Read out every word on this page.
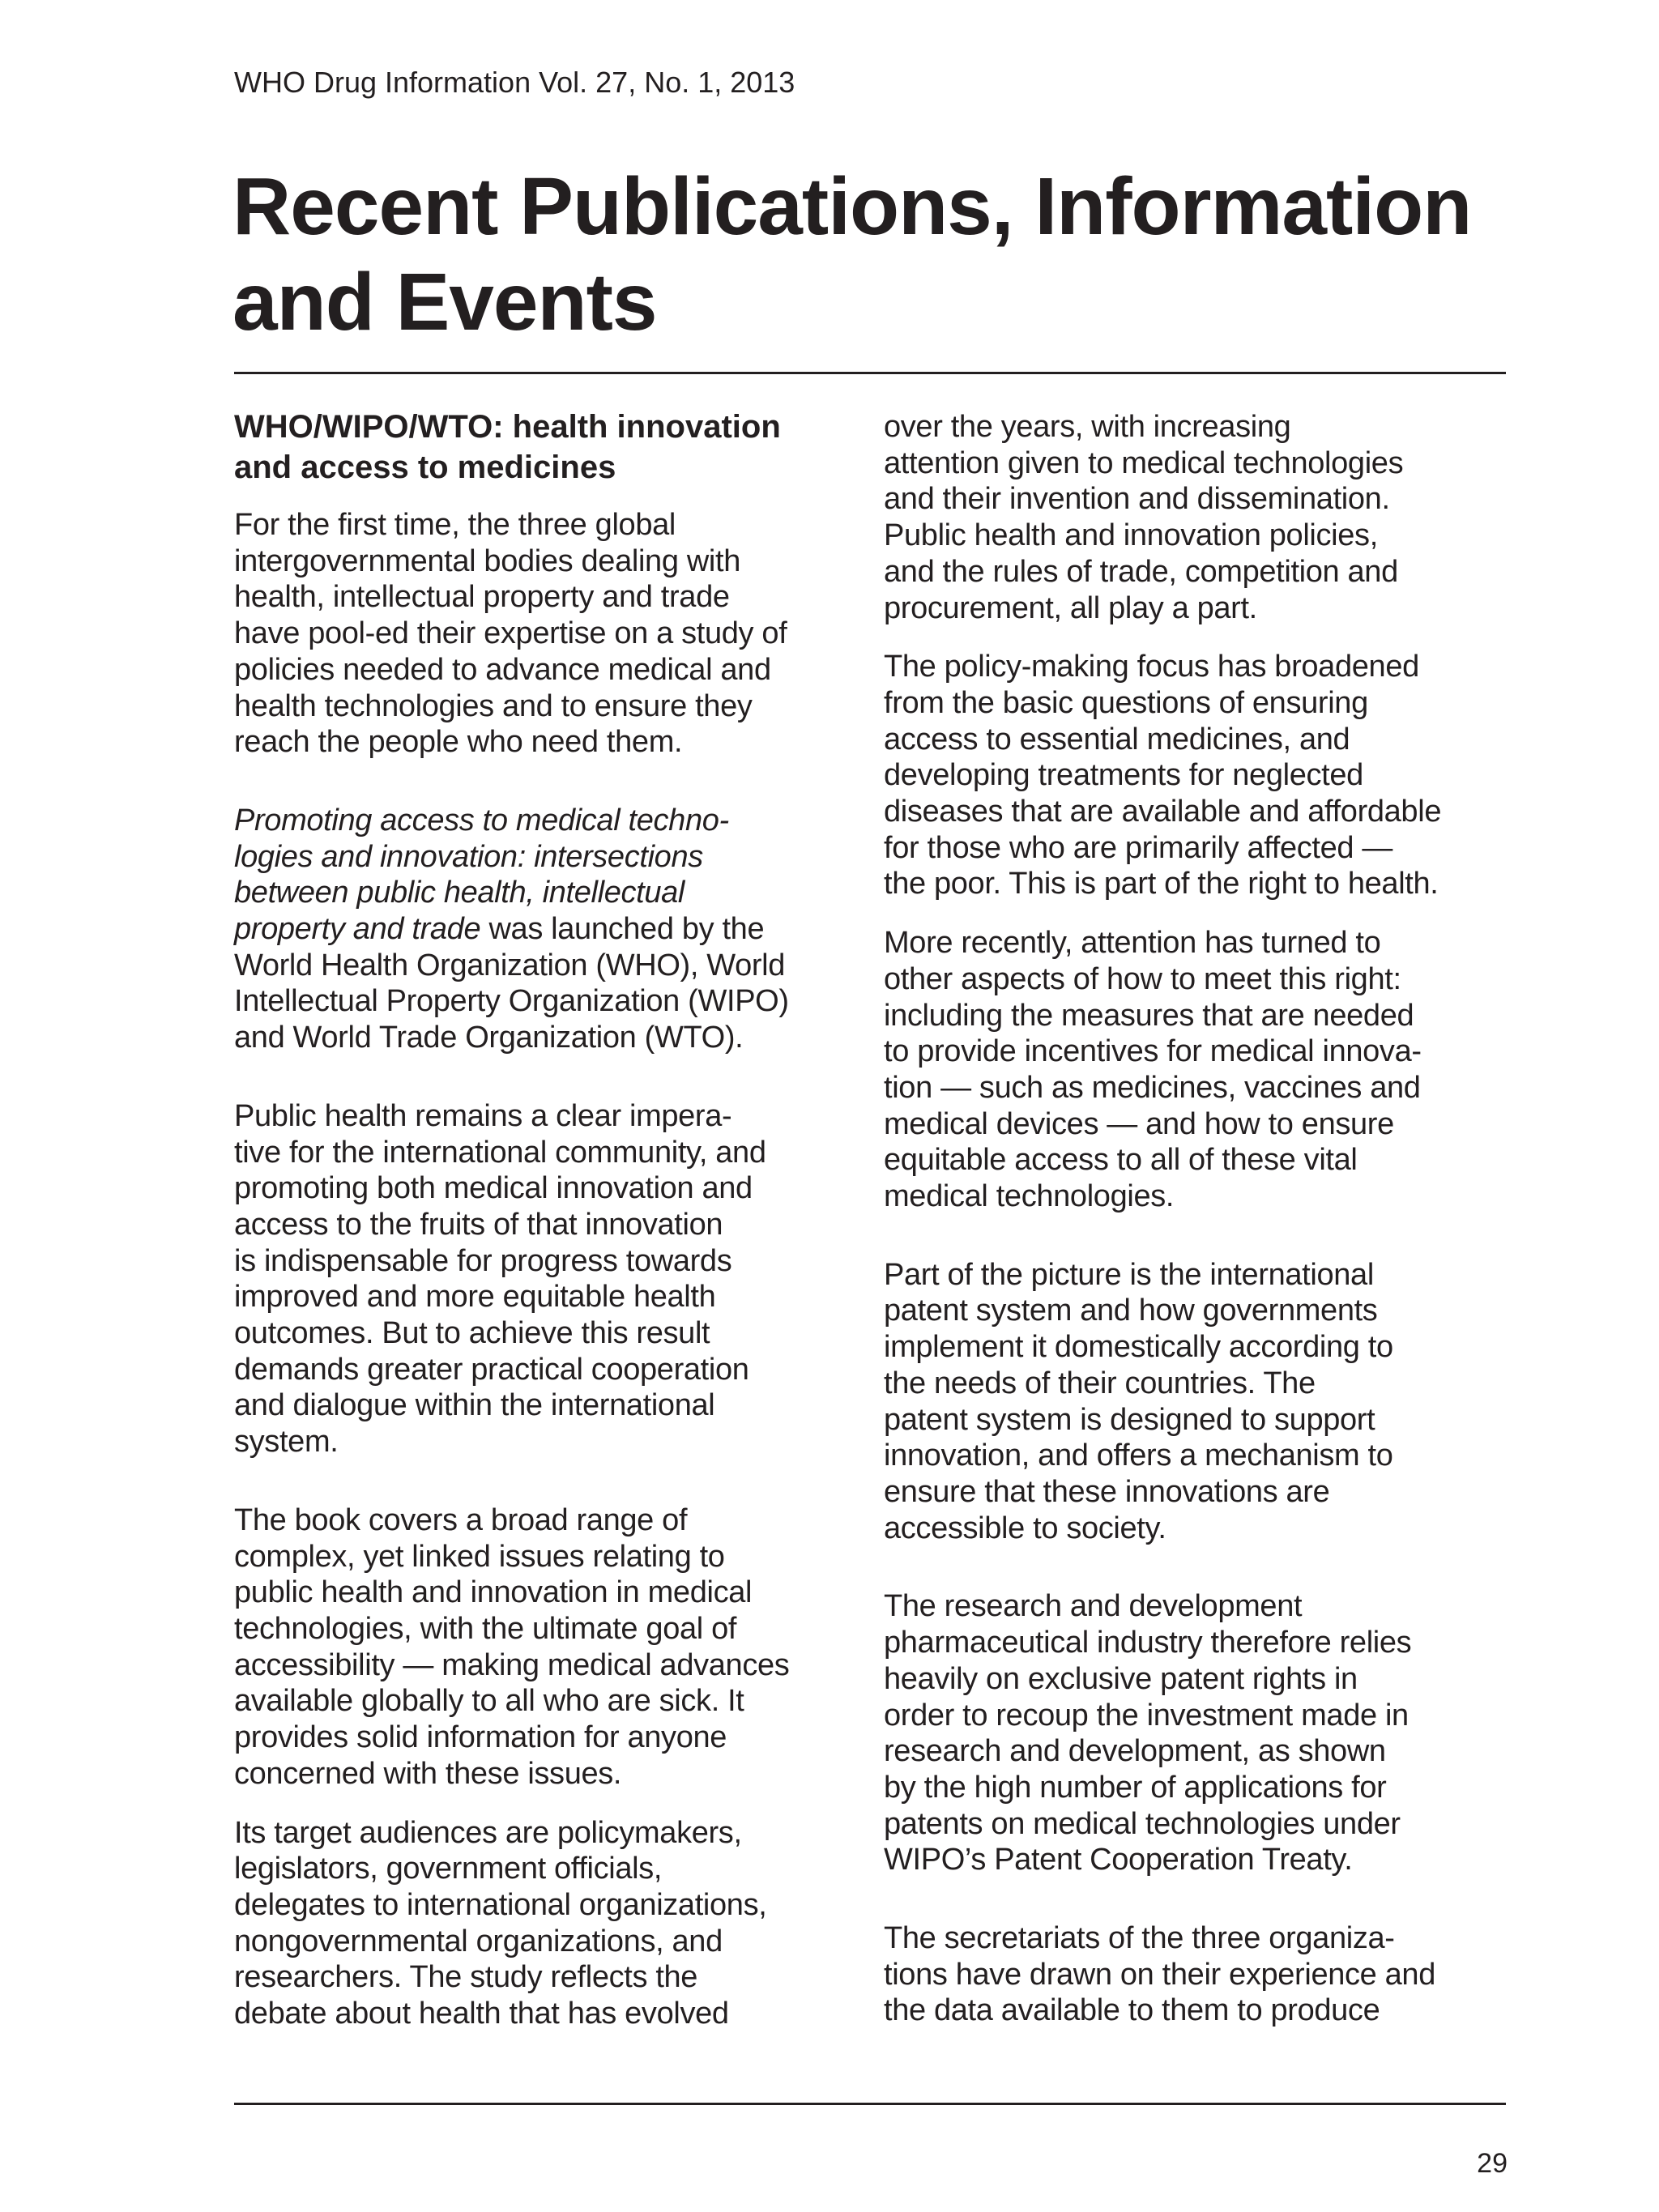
WHO Drug Information Vol. 27, No. 1, 2013

Recent Publications, Information and Events
WHO/WIPO/WTO: health innovation
and access to medicines

For the first time, the three global
intergovernmental bodies dealing with
health, intellectual property and trade
have pool-ed their expertise on a study of
policies needed to advance medical and
health technologies and to ensure they
reach the people who need them.

Promoting access to medical techno-
logies and innovation: intersections
between public health, intellectual
property and trade was launched by the
World Health Organization (WHO), World
Intellectual Property Organization (WIPO)
and World Trade Organization (WTO).

Public health remains a clear impera-
tive for the international community, and
promoting both medical innovation and
access to the fruits of that innovation
is indispensable for progress towards
improved and more equitable health
outcomes. But to achieve this result
demands greater practical cooperation
and dialogue within the international
system.

The book covers a broad range of
complex, yet linked issues relating to
public health and innovation in medical
technologies, with the ultimate goal of
accessibility — making medical advances
available globally to all who are sick. It
provides solid information for anyone
concerned with these issues.

Its target audiences are policymakers,
legislators, government officials,
delegates to international organizations,
nongovernmental organizations, and
researchers. The study reflects the
debate about health that has evolved

over the years, with increasing
attention given to medical technologies
and their invention and dissemination.
Public health and innovation policies,
and the rules of trade, competition and
procurement, all play a part.

The policy-making focus has broadened
from the basic questions of ensuring
access to essential medicines, and
developing treatments for neglected
diseases that are available and affordable
for those who are primarily affected —
the poor. This is part of the right to health.

More recently, attention has turned to
other aspects of how to meet this right:
including the measures that are needed
to provide incentives for medical innova-
tion — such as medicines, vaccines and
medical devices — and how to ensure
equitable access to all of these vital
medical technologies.

Part of the picture is the international
patent system and how governments
implement it domestically according to
the needs of their countries. The
patent system is designed to support
innovation, and offers a mechanism to
ensure that these innovations are
accessible to society.

The research and development
pharmaceutical industry therefore relies
heavily on exclusive patent rights in
order to recoup the investment made in
research and development, as shown
by the high number of applications for
patents on medical technologies under
WIPO’s Patent Cooperation Treaty.

The secretariats of the three organiza-
tions have drawn on their experience and
the data available to them to produce

29
